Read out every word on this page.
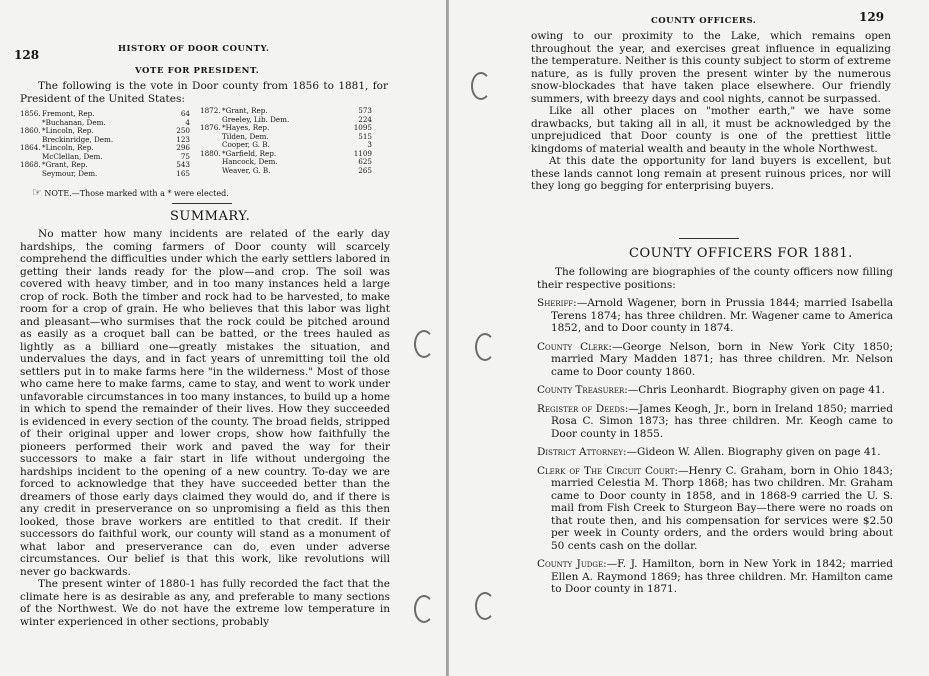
128	HISTORY OF DOOR COUNTY.
VOTE FOR PRESIDENT.
The following is the vote in Door county from 1856 to 1881, for President of the United States:
1856. Fremont, Rep.	64
*Buchanan, Dem.	4
1860. *Lincoln, Rep.	250
Breckinridge, Dem.	123
1864. *Lincoln, Rep.	296
McClellan, Dem.	75
1868. *Grant, Rep.	543
Seymour, Dem.	165
1872. *Grant, Rep.	573
Greeley, Lib. Dem.	224
1876. *Hayes, Rep.	1095
Tilden, Dem.	515
Cooper, G. B.	3
1880. *Garfield, Rep.	1109
Hancock, Dem.	625
Weaver, G. B.	265
☞ NOTE.—Those marked with a * were elected.
SUMMARY.

No matter how many incidents are related of the early day hardships, the coming farmers of Door county will scarcely comprehend the difficulties under which the early settlers labored in getting their lands ready for the plow—and crop. The soil was covered with heavy timber, and in too many instances held a large crop of rock. Both the timber and rock had to be harvested, to make room for a crop of grain. He who believes that this labor was light and pleasant—who surmises that the rock could be pitched around as easily as a croquet ball can be batted, or the trees hauled as lightly as a billiard one—greatly mistakes the situation, and undervalues the days, and in fact years of unremitting toil the old settlers put in to make farms here "in the wilderness." Most of those who came here to make farms, came to stay, and went to work under unfavorable circumstances in too many instances, to build up a home in which to spend the remainder of their lives. How they succeeded is evidenced in every section of the county. The broad fields, stripped of their original upper and lower crops, show how faithfully the pioneers performed their work and paved the way for their successors to make a fair start in life without undergoing the hardships incident to the opening of a new country. To-day we are forced to acknowledge that they have succeeded better than the dreamers of those early days claimed they would do, and if there is any credit in preserverance on so unpromising a field as this then looked, those brave workers are entitled to that credit. If their successors do faithful work, our county will stand as a monument of what labor and preserverance can do, even under adverse circumstances. Our belief is that this work, like revolutions will never go backwards.

The present winter of 1880-1 has fully recorded the fact that the climate here is as desirable as any, and preferable to many sections of the Northwest. We do not have the extreme low temperature in winter experienced in other sections, probably

COUNTY OFFICERS.	129

owing to our proximity to the Lake, which remains open throughout the year, and exercises great influence in equalizing the temperature. Neither is this county subject to storm of extreme nature, as is fully proven the present winter by the numerous snow-blockades that have taken place elsewhere. Our friendly summers, with breezy days and cool nights, cannot be surpassed.

Like all other places on "mother earth," we have some drawbacks, but taking all in all, it must be acknowledged by the unprejudiced that Door county is one of the prettiest little kingdoms of material wealth and beauty in the whole Northwest.

At this date the opportunity for land buyers is excellent, but these lands cannot long remain at present ruinous prices, nor will they long go begging for enterprising buyers.

COUNTY OFFICERS FOR 1881.

The following are biographies of the county officers now filling their respective positions:

Sheriff:—Arnold Wagener, born in Prussia 1844; married Isabella Terens 1874; has three children. Mr. Wagener came to America 1852, and to Door county in 1874.
County Clerk:—George Nelson, born in New York City 1850; married Mary Madden 1871; has three children. Mr. Nelson came to Door county 1860.
County Treasurer:—Chris Leonhardt. Biography given on page 41.
Register of Deeds:—James Keogh, Jr., born in Ireland 1850; married Rosa C. Simon 1873; has three children. Mr. Keogh came to Door county in 1855.
District Attorney:—Gideon W. Allen. Biography given on page 41.
Clerk of The Circuit Court:—Henry C. Graham, born in Ohio 1843; married Celestia M. Thorp 1868; has two children. Mr. Graham came to Door county in 1858, and in 1868-9 carried the U. S. mail from Fish Creek to Sturgeon Bay—there were no roads on that route then, and his compensation for services were $2.50 per week in County orders, and the orders would bring about 50 cents cash on the dollar.
County Judge:—F. J. Hamilton, born in New York in 1842; married Ellen A. Raymond 1869; has three children. Mr. Hamilton came to Door county in 1871.
